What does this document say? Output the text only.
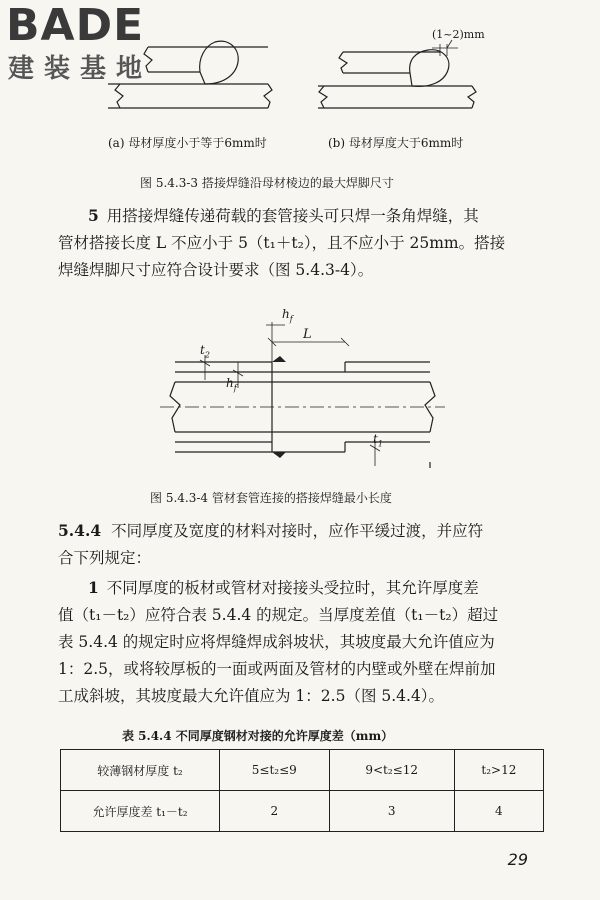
BADE
建装基地
(1~2)mm
(a) 母材厚度小于等于6mm时	(b) 母材厚度大于6mm时
图 5.4.3-3 搭接焊缝沿母材棱边的最大焊脚尺寸
5 用搭接焊缝传递荷载的套管接头可只焊一条角焊缝，其
管材搭接长度 L 不应小于 5（t₁＋t₂），且不应小于 25mm。搭接
焊缝焊脚尺寸应符合设计要求（图 5.4.3-4）。
$h_f$
L
$t_2$
$h_f$
$t_1$
图 5.4.3-4 管材套管连接的搭接焊缝最小长度
5.4.4 不同厚度及宽度的材料对接时，应作平缓过渡，并应符
合下列规定：
1 不同厚度的板材或管材对接接头受拉时，其允许厚度差
值（t₁－t₂）应符合表 5.4.4 的规定。当厚度差值（t₁－t₂）超过
表 5.4.4 的规定时应将焊缝焊成斜坡状，其坡度最大允许值应为
1：2.5，或将较厚板的一面或两面及管材的内壁或外壁在焊前加
工成斜坡，其坡度最大允许值应为 1：2.5（图 5.4.4）。
表 5.4.4 不同厚度钢材对接的允许厚度差（mm）
较薄钢材厚度 t₂	5≤t₂≤9	9<t₂≤12	t₂>12
允许厚度差 t₁－t₂	2	3	4
29
